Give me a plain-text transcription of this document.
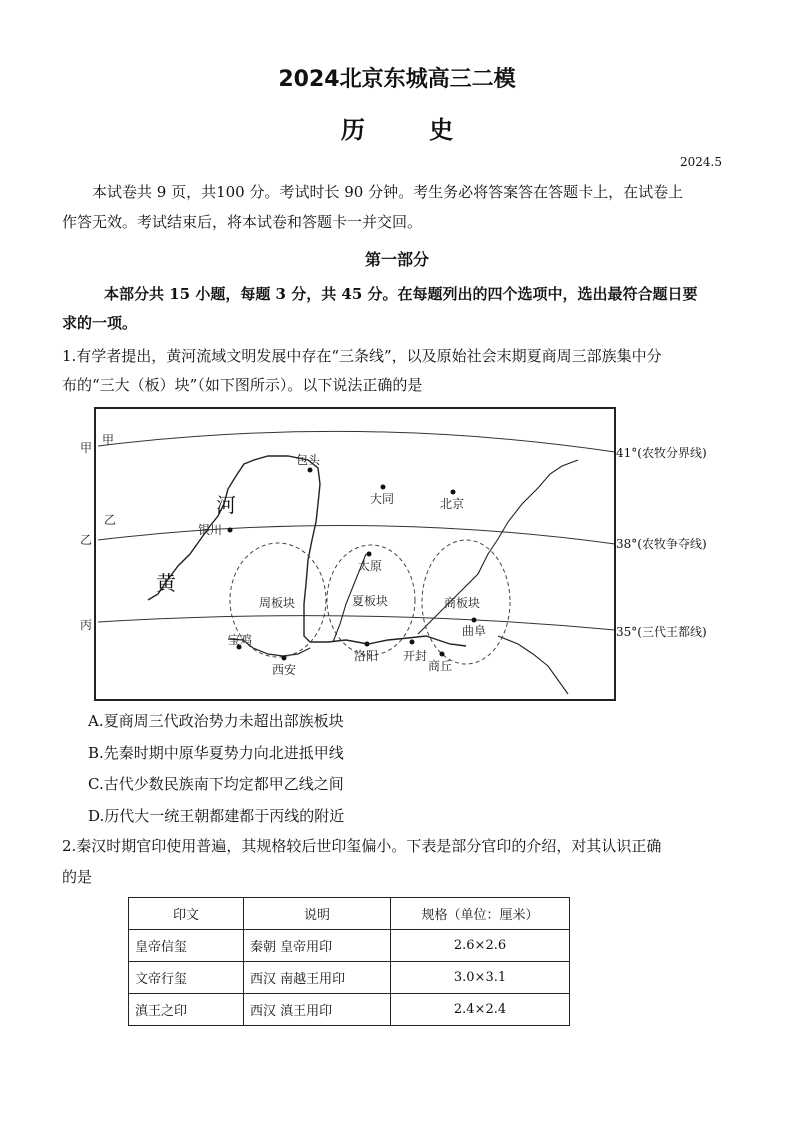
2024北京东城高三二模
历 史
2024.5
本试卷共 9 页，共100 分。考试时长 90 分钟。考生务必将答案答在答题卡上，在试卷上
作答无效。考试结束后，将本试卷和答题卡一并交回。
第一部分
本部分共 15 小题，每题 3 分，共 45 分。在每题列出的四个选项中，选出最符合题日要
求的一项。
1.有学者提出，黄河流域文明发展中存在“三条线”，以及原始社会末期夏商周三部族集中分
布的“三大（板）块”（如下图所示）。以下说法正确的是
甲
乙
丙
甲
乙
周板块	夏板块	商板块
河
黄
包头
大同	北京
银川
太原
宝鸡
西安
洛阳 开封
商丘
曲阜
41°(农牧分界线)
38°(农牧争夺线)
35°(三代王都线)
A.夏商周三代政治势力未超出部族板块
B.先秦时期中原华夏势力向北进抵甲线
C.古代少数民族南下均定都甲乙线之间
D.历代大一统王朝都建都于丙线的附近
2.秦汉时期官印使用普遍，其规格较后世印玺偏小。下表是部分官印的介绍，对其认识正确
的是
印文	说明	规格（单位：厘米）
皇帝信玺	秦朝 皇帝用印	2.6×2.6
文帝行玺	西汉 南越王用印	3.0×3.1
滇王之印	西汉 滇王用印	2.4×2.4
